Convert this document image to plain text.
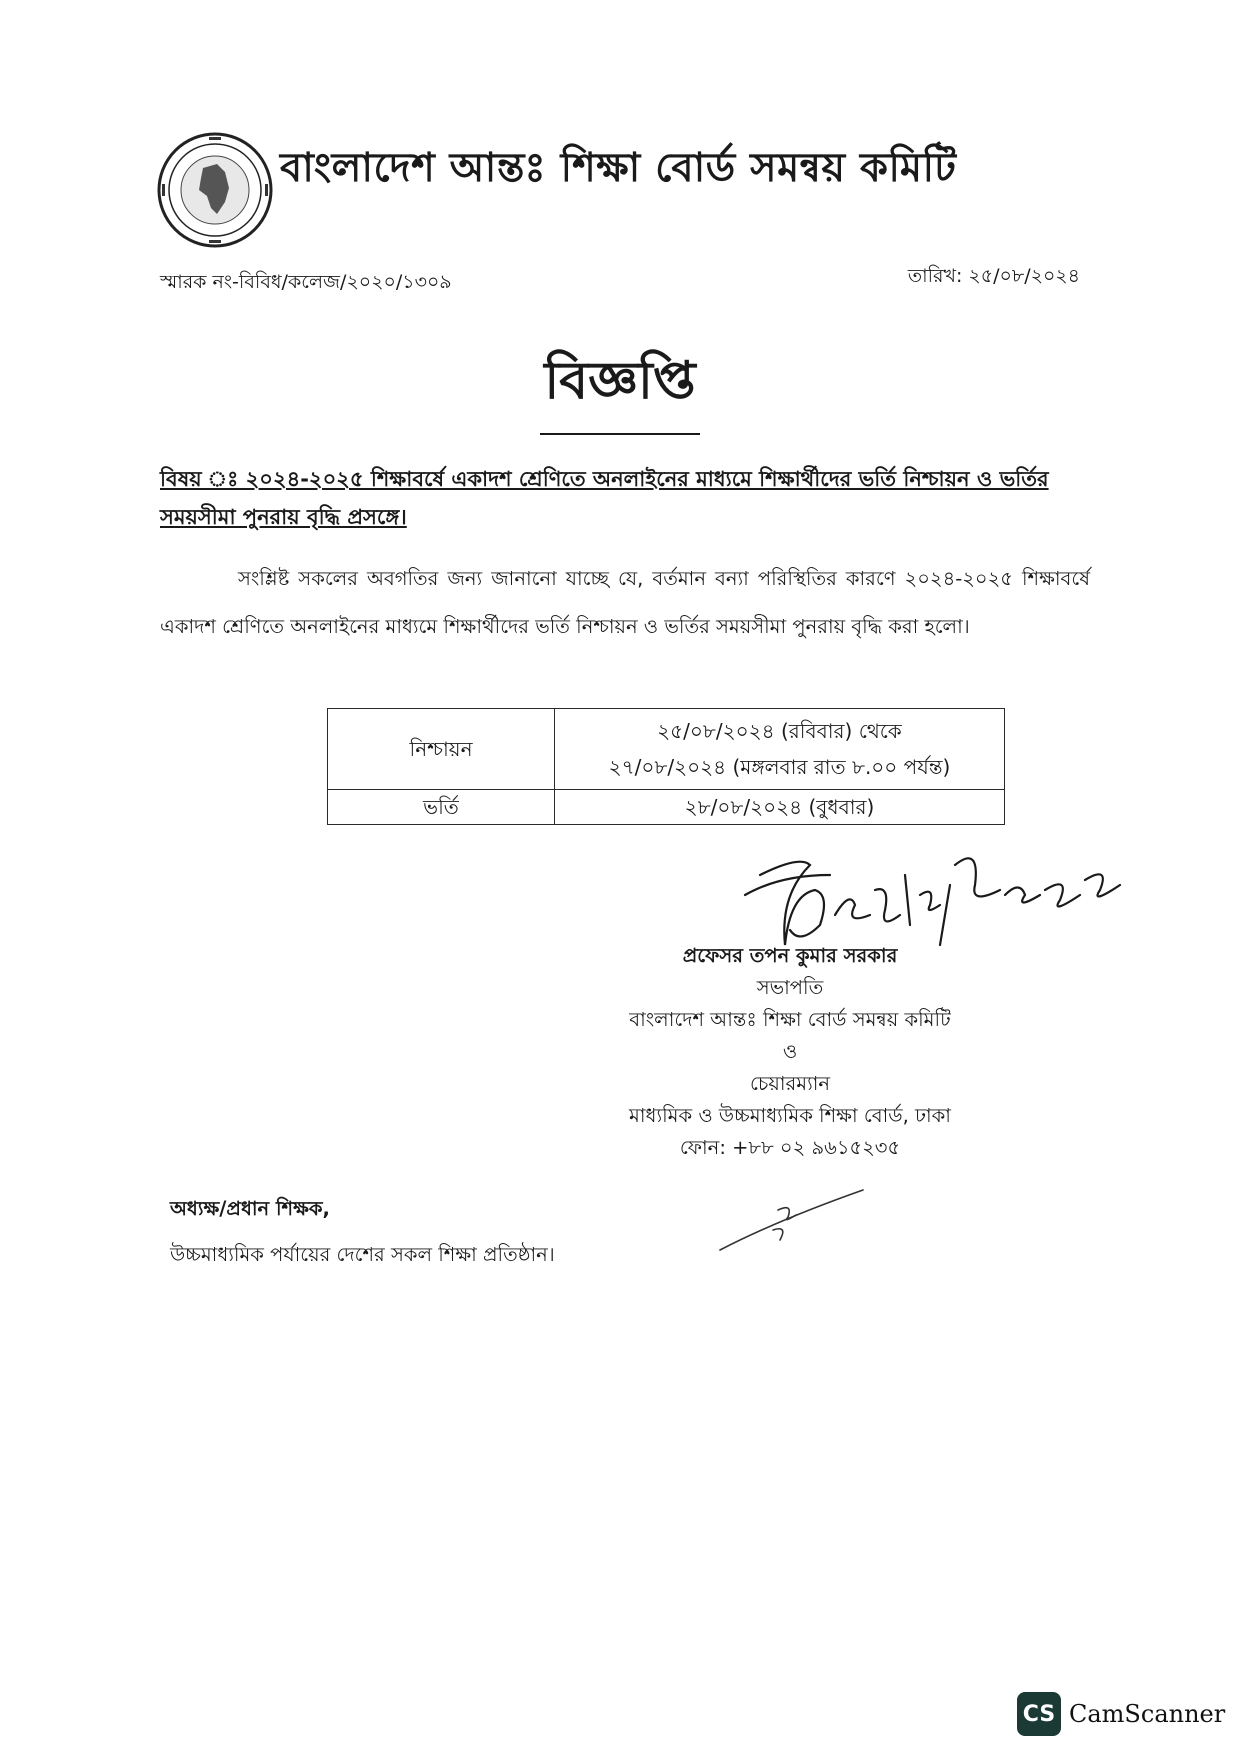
বাংলাদেশ আন্তঃ শিক্ষা বোর্ড সমন্বয় কমিটি
স্মারক নং-বিবিধ/কলেজ/২০২০/১৩০৯	তারিখ: ২৫/০৮/২০২৪
বিজ্ঞপ্তি
বিষয় ঃ ২০২৪-২০২৫ শিক্ষাবর্ষে একাদশ শ্রেণিতে অনলাইনের মাধ্যমে শিক্ষার্থীদের ভর্তি নিশ্চায়ন ও ভর্তির সময়সীমা পুনরায় বৃদ্ধি প্রসঙ্গে।
সংশ্লিষ্ট সকলের অবগতির জন্য জানানো যাচ্ছে যে, বর্তমান বন্যা পরিস্থিতির কারণে ২০২৪-২০২৫ শিক্ষাবর্ষে একাদশ শ্রেণিতে অনলাইনের মাধ্যমে শিক্ষার্থীদের ভর্তি নিশ্চায়ন ও ভর্তির সময়সীমা পুনরায় বৃদ্ধি করা হলো।
নিশ্চায়ন	২৫/০৮/২০২৪ (রবিবার) থেকে
২৭/০৮/২০২৪ (মঙ্গলবার রাত ৮.০০ পর্যন্ত)

ভর্তি	২৮/০৮/২০২৪ (বুধবার)
প্রফেসর তপন কুমার সরকার
সভাপতি
বাংলাদেশ আন্তঃ শিক্ষা বোর্ড সমন্বয় কমিটি
ও
চেয়ারম্যান
মাধ্যমিক ও উচ্চমাধ্যমিক শিক্ষা বোর্ড, ঢাকা
ফোন: +৮৮ ০২ ৯৬১৫২৩৫
অধ্যক্ষ/প্রধান শিক্ষক,
উচ্চমাধ্যমিক পর্যায়ের দেশের সকল শিক্ষা প্রতিষ্ঠান।
CS CamScanner
